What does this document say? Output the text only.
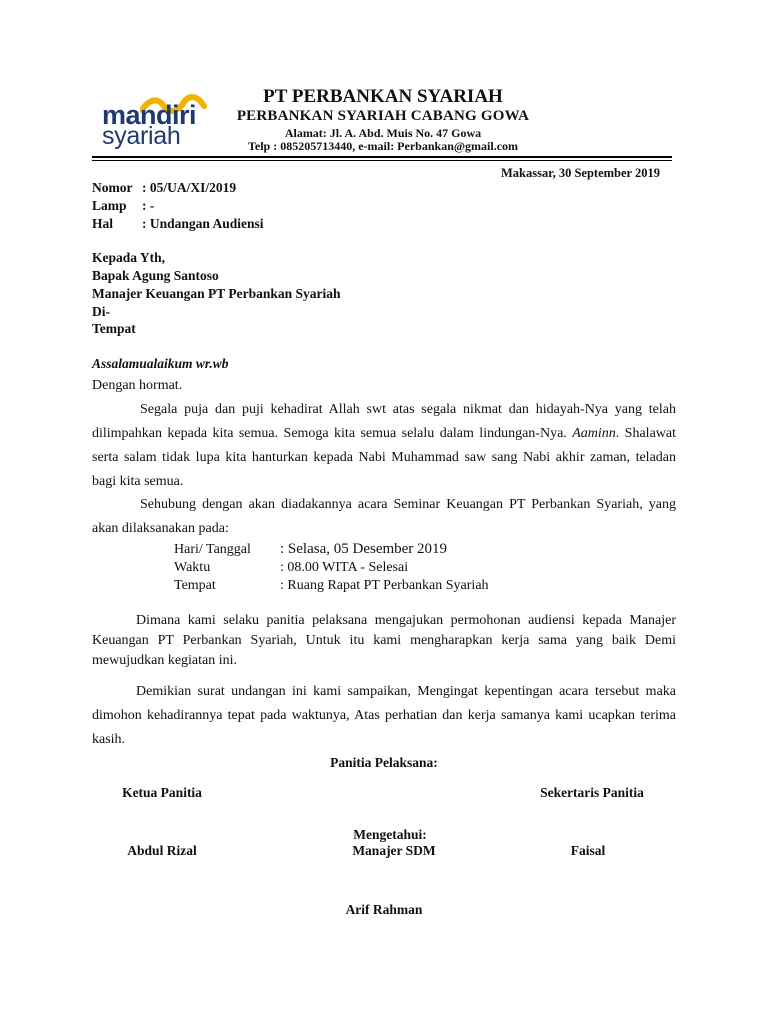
mandiri
syariah
PT PERBANKAN SYARIAH
PERBANKAN SYARIAH CABANG GOWA
Alamat: Jl. A. Abd. Muis No. 47 Gowa
Telp : 085205713440, e-mail: Perbankan@gmail.com
Makassar, 30 September 2019
Nomor : 05/UA/XI/2019
Lamp : -
Hal : Undangan Audiensi
Kepada Yth,
Bapak Agung Santoso
Manajer Keuangan PT Perbankan Syariah
Di-
Tempat
Assalamualaikum wr.wb
Dengan hormat.
Segala puja dan puji kehadirat Allah swt atas segala nikmat dan hidayah-Nya yang telah
dilimpahkan kepada kita semua. Semoga kita semua selalu dalam lindungan-Nya. Aaminn. Shalawat
serta salam tidak lupa kita hanturkan kepada Nabi Muhammad saw sang Nabi akhir zaman, teladan
bagi kita semua.
Sehubung dengan akan diadakannya acara Seminar Keuangan PT Perbankan Syariah, yang
akan dilaksanakan pada:
Hari/ Tanggal : Selasa, 05 Desember 2019
Waktu	: 08.00 WITA - Selesai
Tempat	: Ruang Rapat PT Perbankan Syariah
Dimana kami selaku panitia pelaksana mengajukan permohonan audiensi kepada Manajer
Keuangan PT Perbankan Syariah, Untuk itu kami mengharapkan kerja sama yang baik Demi
mewujudkan kegiatan ini.
Demikian surat undangan ini kami sampaikan, Mengingat kepentingan acara tersebut maka
dimohon kehadirannya tepat pada waktunya, Atas perhatian dan kerja samanya kami ucapkan terima
kasih.
Panitia Pelaksana:
Ketua Panitia	Sekertaris Panitia
Mengetahui:
Abdul Rizal	Manajer SDM	Faisal
Arif Rahman
